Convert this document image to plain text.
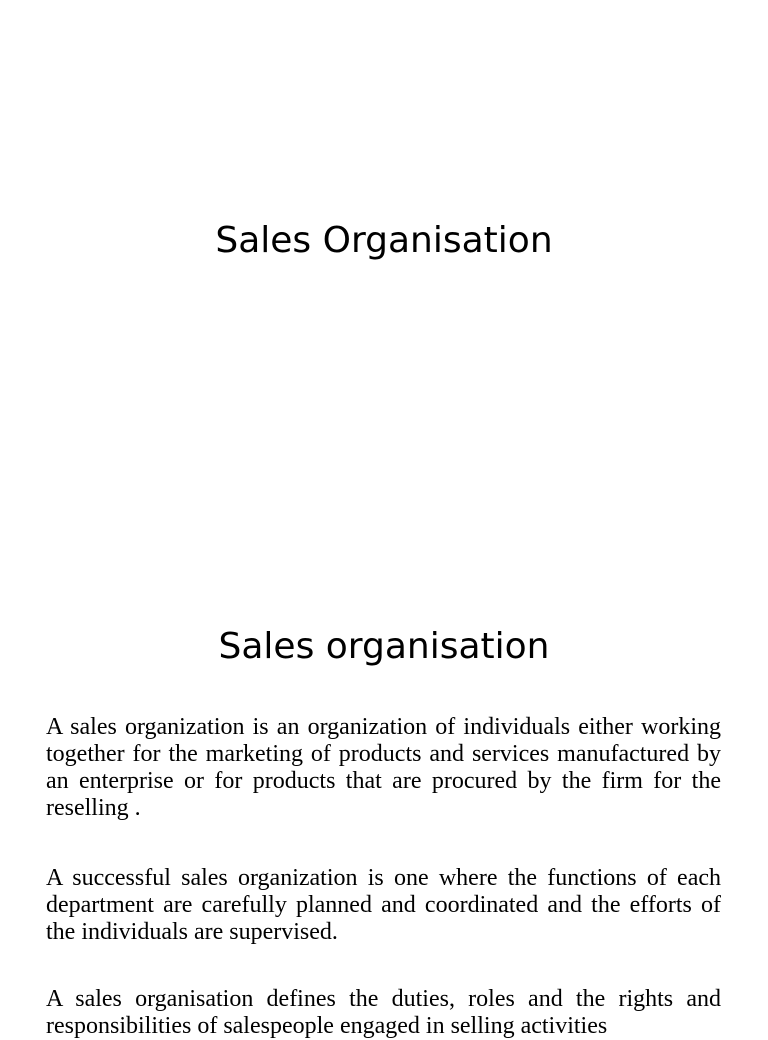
Sales Organisation
Sales organisation

A sales organization is an organization of individuals either working together for the marketing of products and services manufactured by an enterprise or for products that are procured by the firm for the reselling .

A successful sales organization is one where the functions of each department are carefully planned and coordinated and the efforts of the individuals are supervised.

A sales organisation defines the duties, roles and the rights and responsibilities of salespeople engaged in selling activities
